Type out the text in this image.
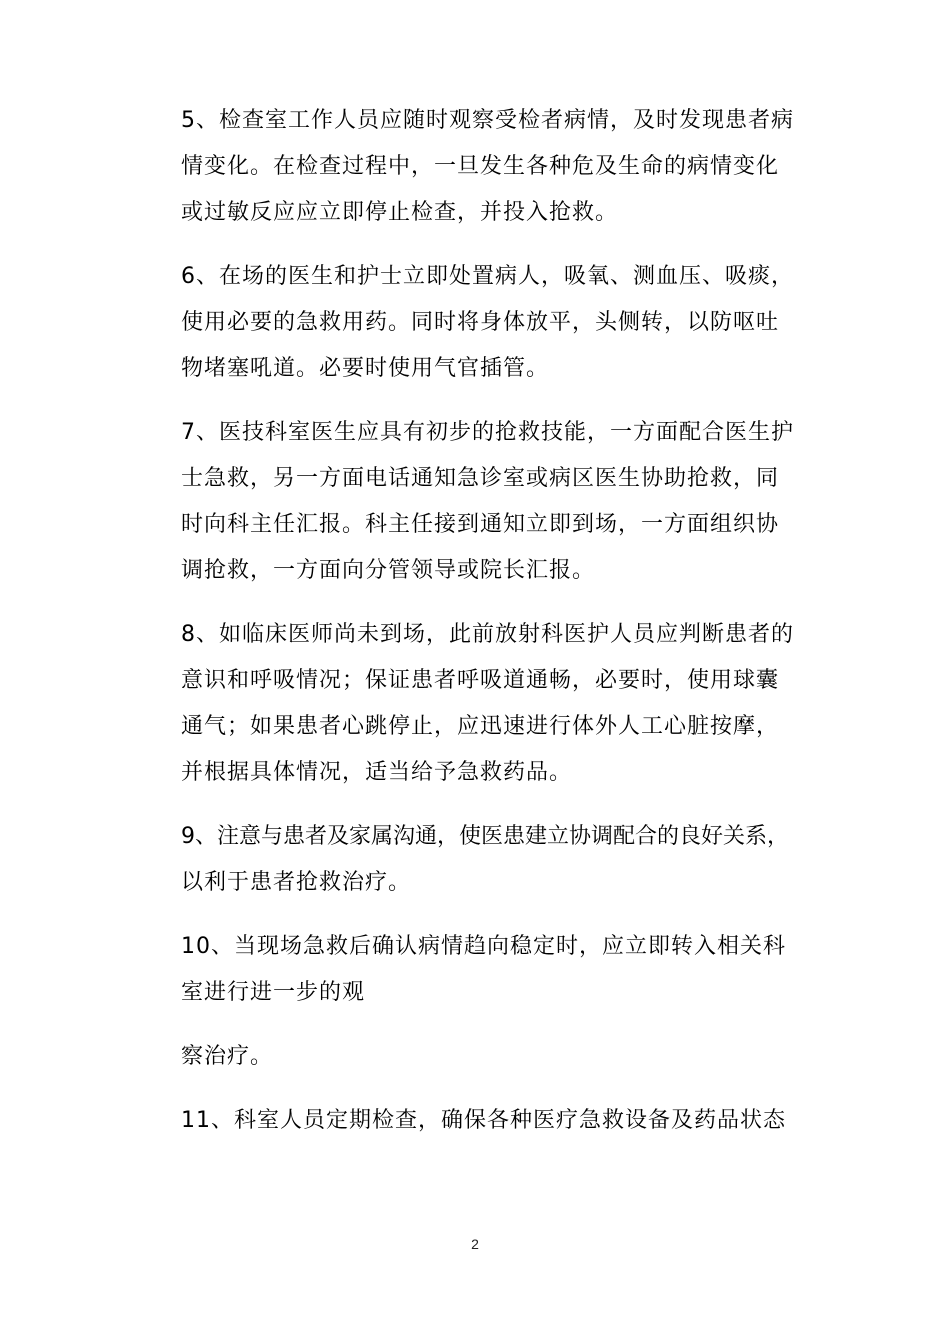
5、检查室工作人员应随时观察受检者病情，及时发现患者病
情变化。在检查过程中，一旦发生各种危及生命的病情变化
或过敏反应应立即停止检查，并投入抢救。

6、在场的医生和护士立即处置病人，吸氧、测血压、吸痰，
使用必要的急救用药。同时将身体放平，头侧转，以防呕吐
物堵塞吼道。必要时使用气官插管。

7、医技科室医生应具有初步的抢救技能，一方面配合医生护
士急救，另一方面电话通知急诊室或病区医生协助抢救，同
时向科主任汇报。科主任接到通知立即到场，一方面组织协
调抢救，一方面向分管领导或院长汇报。

8、如临床医师尚未到场，此前放射科医护人员应判断患者的
意识和呼吸情况；保证患者呼吸道通畅，必要时，使用球囊
通气；如果患者心跳停止，应迅速进行体外人工心脏按摩，
并根据具体情况，适当给予急救药品。

9、注意与患者及家属沟通，使医患建立协调配合的良好关系，
以利于患者抢救治疗。

10、当现场急救后确认病情趋向稳定时，应立即转入相关科
室进行进一步的观

察治疗。

11、科室人员定期检查，确保各种医疗急救设备及药品状态

2
